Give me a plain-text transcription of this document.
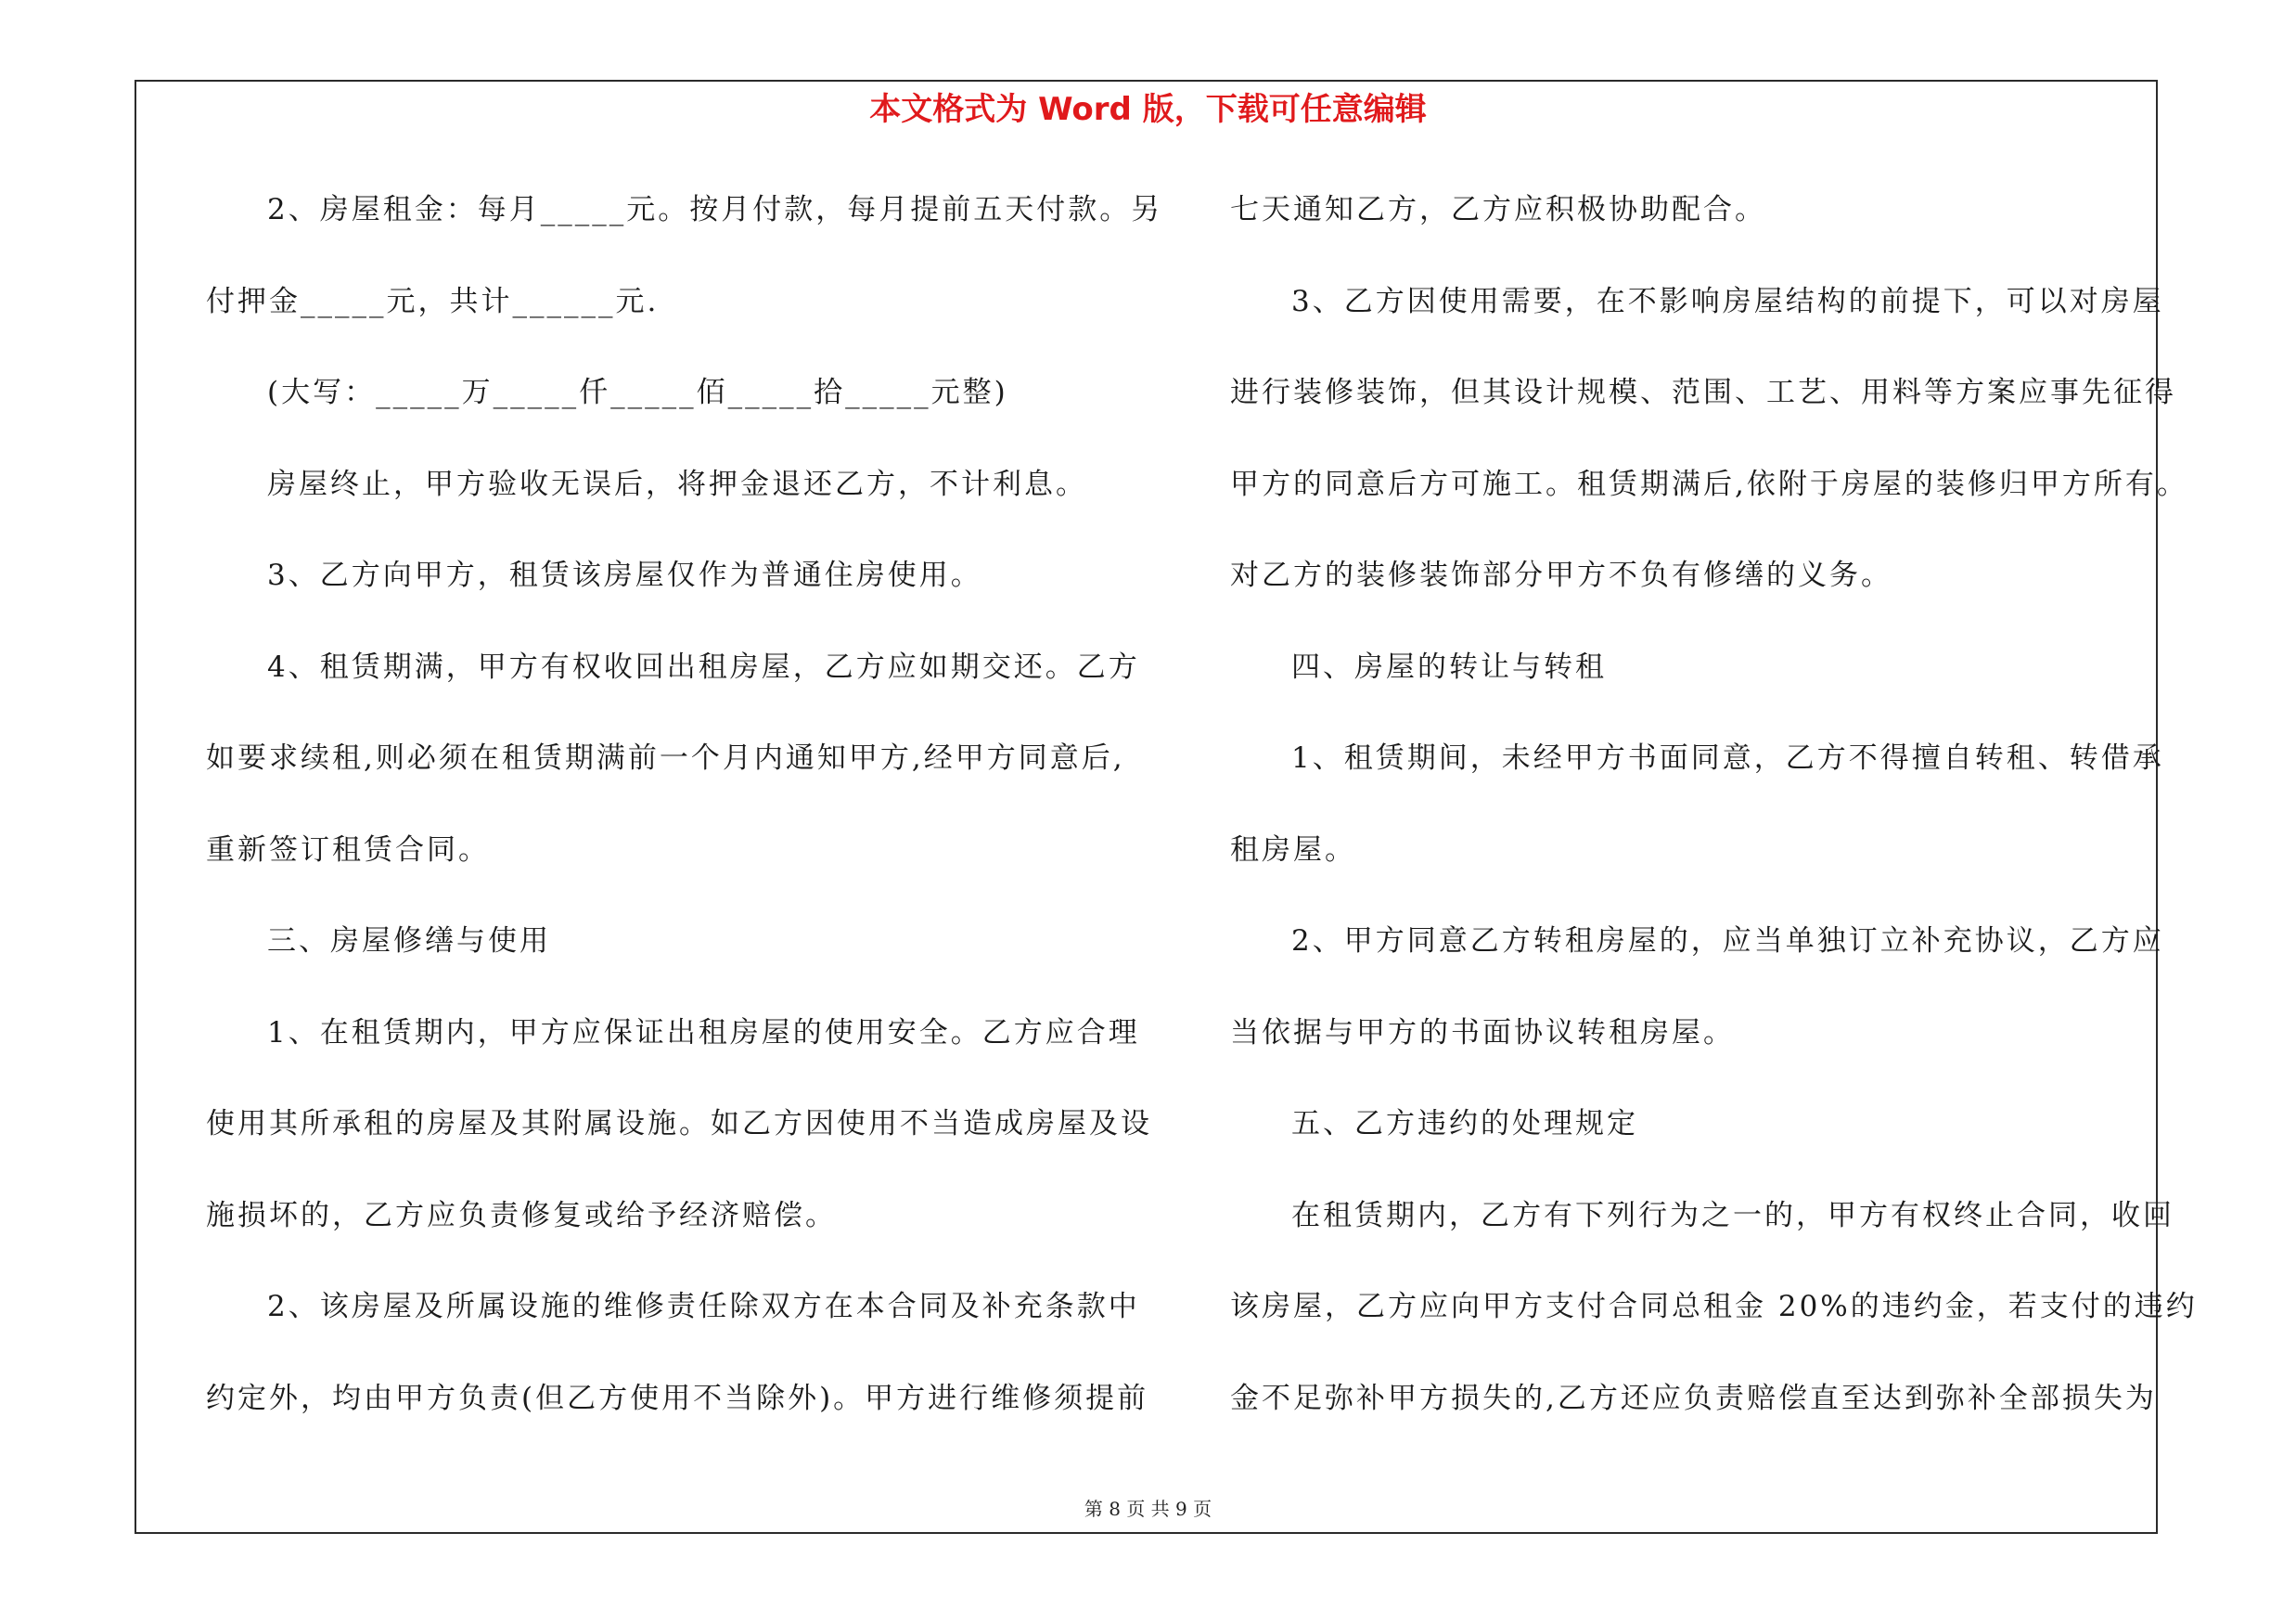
本文格式为 Word 版，下载可任意编辑
2、房屋租金：每月_____元。按月付款，每月提前五天付款。另
付押金_____元，共计______元.
(大写：_____万_____仟_____佰_____拾_____元整)
房屋终止，甲方验收无误后，将押金退还乙方，不计利息。
3、乙方向甲方，租赁该房屋仅作为普通住房使用。
4、租赁期满，甲方有权收回出租房屋，乙方应如期交还。乙方
如要求续租,则必须在租赁期满前一个月内通知甲方,经甲方同意后,
重新签订租赁合同。
三、房屋修缮与使用
1、在租赁期内，甲方应保证出租房屋的使用安全。乙方应合理
使用其所承租的房屋及其附属设施。如乙方因使用不当造成房屋及设
施损坏的，乙方应负责修复或给予经济赔偿。
2、该房屋及所属设施的维修责任除双方在本合同及补充条款中
约定外，均由甲方负责(但乙方使用不当除外)。甲方进行维修须提前
七天通知乙方，乙方应积极协助配合。
3、乙方因使用需要，在不影响房屋结构的前提下，可以对房屋
进行装修装饰，但其设计规模、范围、工艺、用料等方案应事先征得
甲方的同意后方可施工。租赁期满后,依附于房屋的装修归甲方所有。
对乙方的装修装饰部分甲方不负有修缮的义务。
四、房屋的转让与转租
1、租赁期间，未经甲方书面同意，乙方不得擅自转租、转借承
租房屋。
2、甲方同意乙方转租房屋的，应当单独订立补充协议，乙方应
当依据与甲方的书面协议转租房屋。
五、乙方违约的处理规定
在租赁期内，乙方有下列行为之一的，甲方有权终止合同，收回
该房屋，乙方应向甲方支付合同总租金 20%的违约金，若支付的违约
金不足弥补甲方损失的,乙方还应负责赔偿直至达到弥补全部损失为
第 8 页 共 9 页
